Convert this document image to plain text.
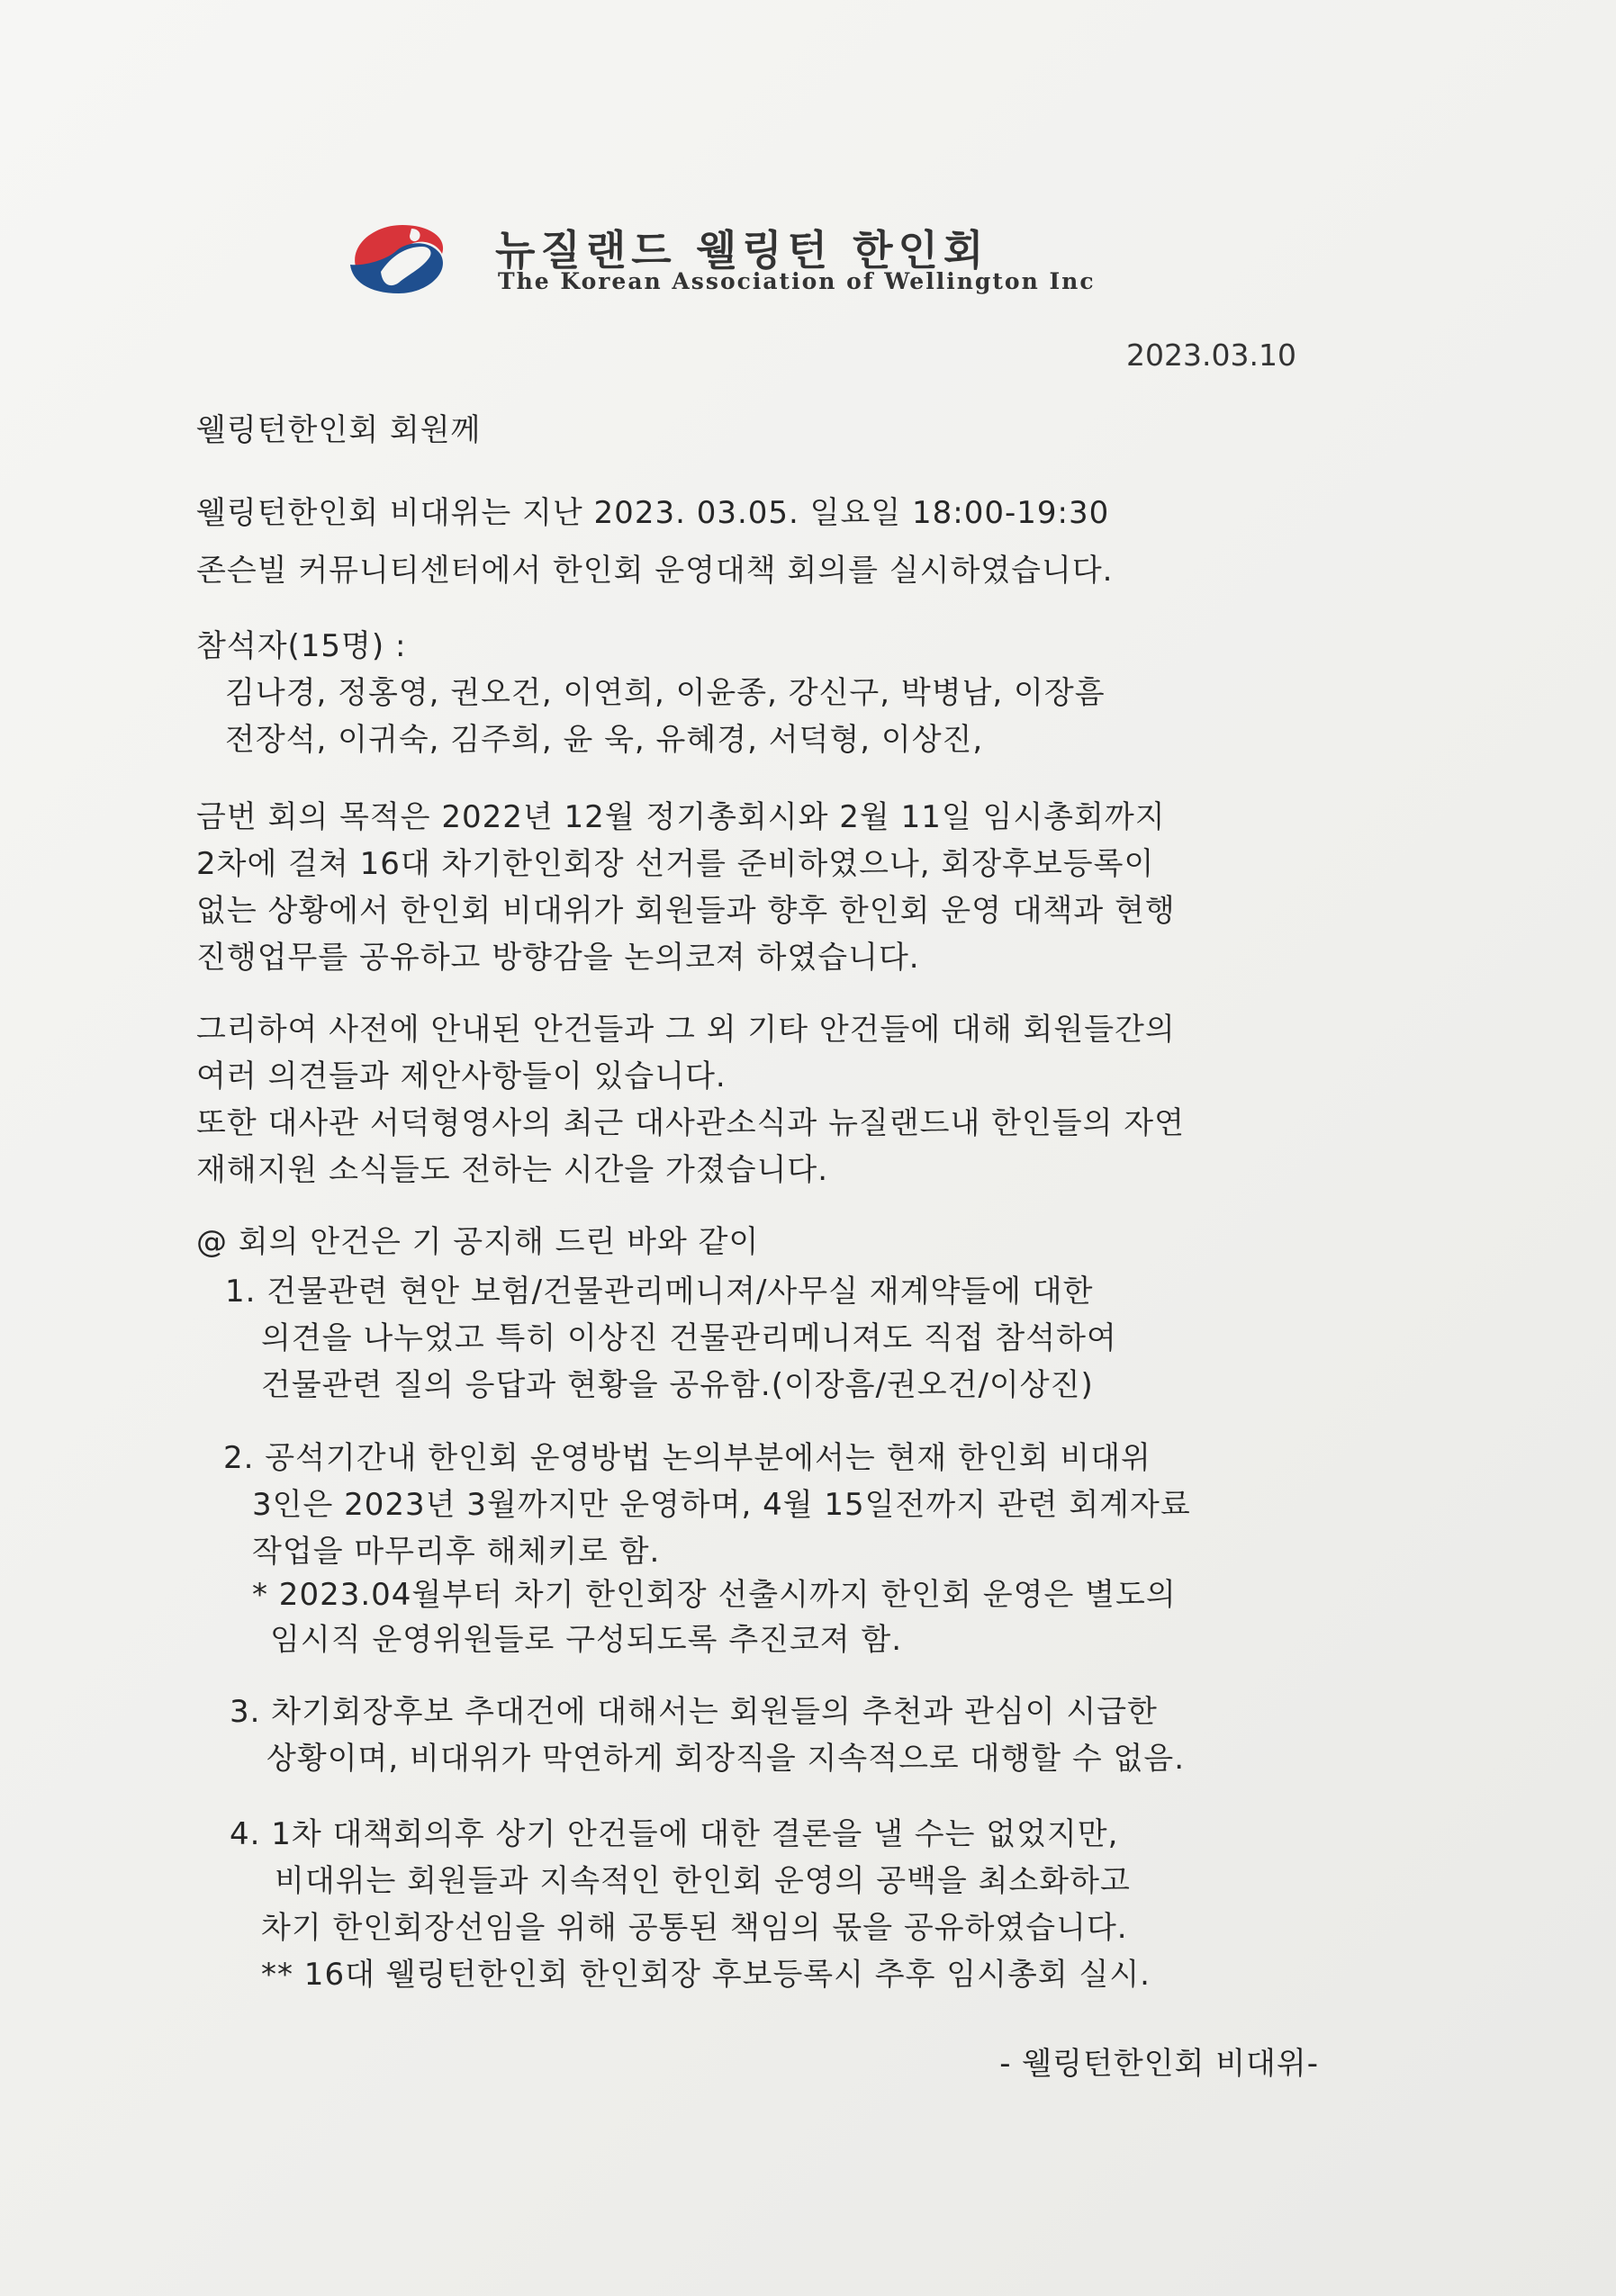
뉴질랜드 웰링턴 한인회
The Korean Association of Wellington Inc
2023.03.10
웰링턴한인회 회원께
웰링턴한인회 비대위는 지난 2023. 03.05. 일요일 18:00-19:30
존슨빌 커뮤니티센터에서 한인회 운영대책 회의를 실시하였습니다.
참석자(15명) :
김나경, 정홍영, 권오건, 이연희, 이윤종, 강신구, 박병남, 이장흠
전장석, 이귀숙, 김주희, 윤 욱, 유혜경, 서덕형, 이상진,
금번 회의 목적은 2022년 12월 정기총회시와 2월 11일 임시총회까지
2차에 걸쳐 16대 차기한인회장 선거를 준비하였으나, 회장후보등록이
없는 상황에서 한인회 비대위가 회원들과 향후 한인회 운영 대책과 현행
진행업무를 공유하고 방향감을 논의코져 하였습니다.
그리하여 사전에 안내된 안건들과 그 외 기타 안건들에 대해 회원들간의
여러 의견들과 제안사항들이 있습니다.
또한 대사관 서덕형영사의 최근 대사관소식과 뉴질랜드내 한인들의 자연
재해지원 소식들도 전하는 시간을 가졌습니다.
@ 회의 안건은 기 공지해 드린 바와 같이
1. 건물관련 현안 보험/건물관리메니져/사무실 재계약들에 대한
의견을 나누었고 특히 이상진 건물관리메니져도 직접 참석하여
건물관련 질의 응답과 현황을 공유함.(이장흠/권오건/이상진)
2. 공석기간내 한인회 운영방법 논의부분에서는 현재 한인회 비대위
3인은 2023년 3월까지만 운영하며, 4월 15일전까지 관련 회계자료
작업을 마무리후 해체키로 함.
* 2023.04월부터 차기 한인회장 선출시까지 한인회 운영은 별도의
임시직 운영위원들로 구성되도록 추진코져 함.
3. 차기회장후보 추대건에 대해서는 회원들의 추천과 관심이 시급한
상황이며, 비대위가 막연하게 회장직을 지속적으로 대행할 수 없음.
4. 1차 대책회의후 상기 안건들에 대한 결론을 낼 수는 없었지만,
비대위는 회원들과 지속적인 한인회 운영의 공백을 최소화하고
차기 한인회장선임을 위해 공통된 책임의 몫을 공유하였습니다.
** 16대 웰링턴한인회 한인회장 후보등록시 추후 임시총회 실시.
- 웰링턴한인회 비대위-
